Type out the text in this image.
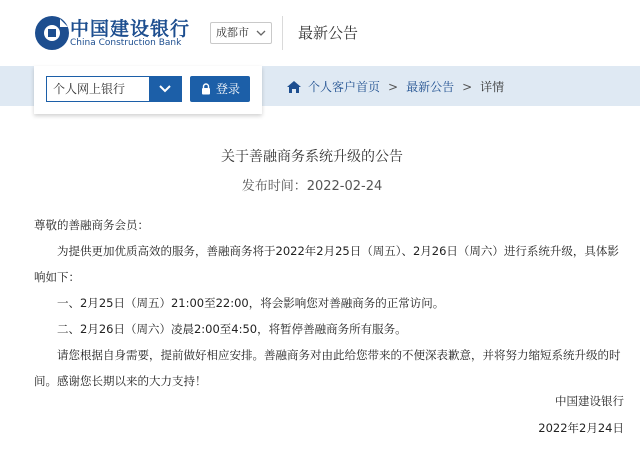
中国建设银行
China Construction Bank
成都市	最新公告
个人网上银行	登录	个人客户首页 > 最新公告 > 详情
关于善融商务系统升级的公告
发布时间：2022-02-24

尊敬的善融商务会员：

为提供更加优质高效的服务，善融商务将于2022年2月25日（周五）、2月26日（周六）进行系统升级，具体影响如下：

一、2月25日（周五）21:00至22:00，将会影响您对善融商务的正常访问。

二、2月26日（周六）凌晨2:00至4:50，将暂停善融商务所有服务。

请您根据自身需要，提前做好相应安排。善融商务对由此给您带来的不便深表歉意，并将努力缩短系统升级的时间。感谢您长期以来的大力支持！

中国建设银行
2022年2月24日
